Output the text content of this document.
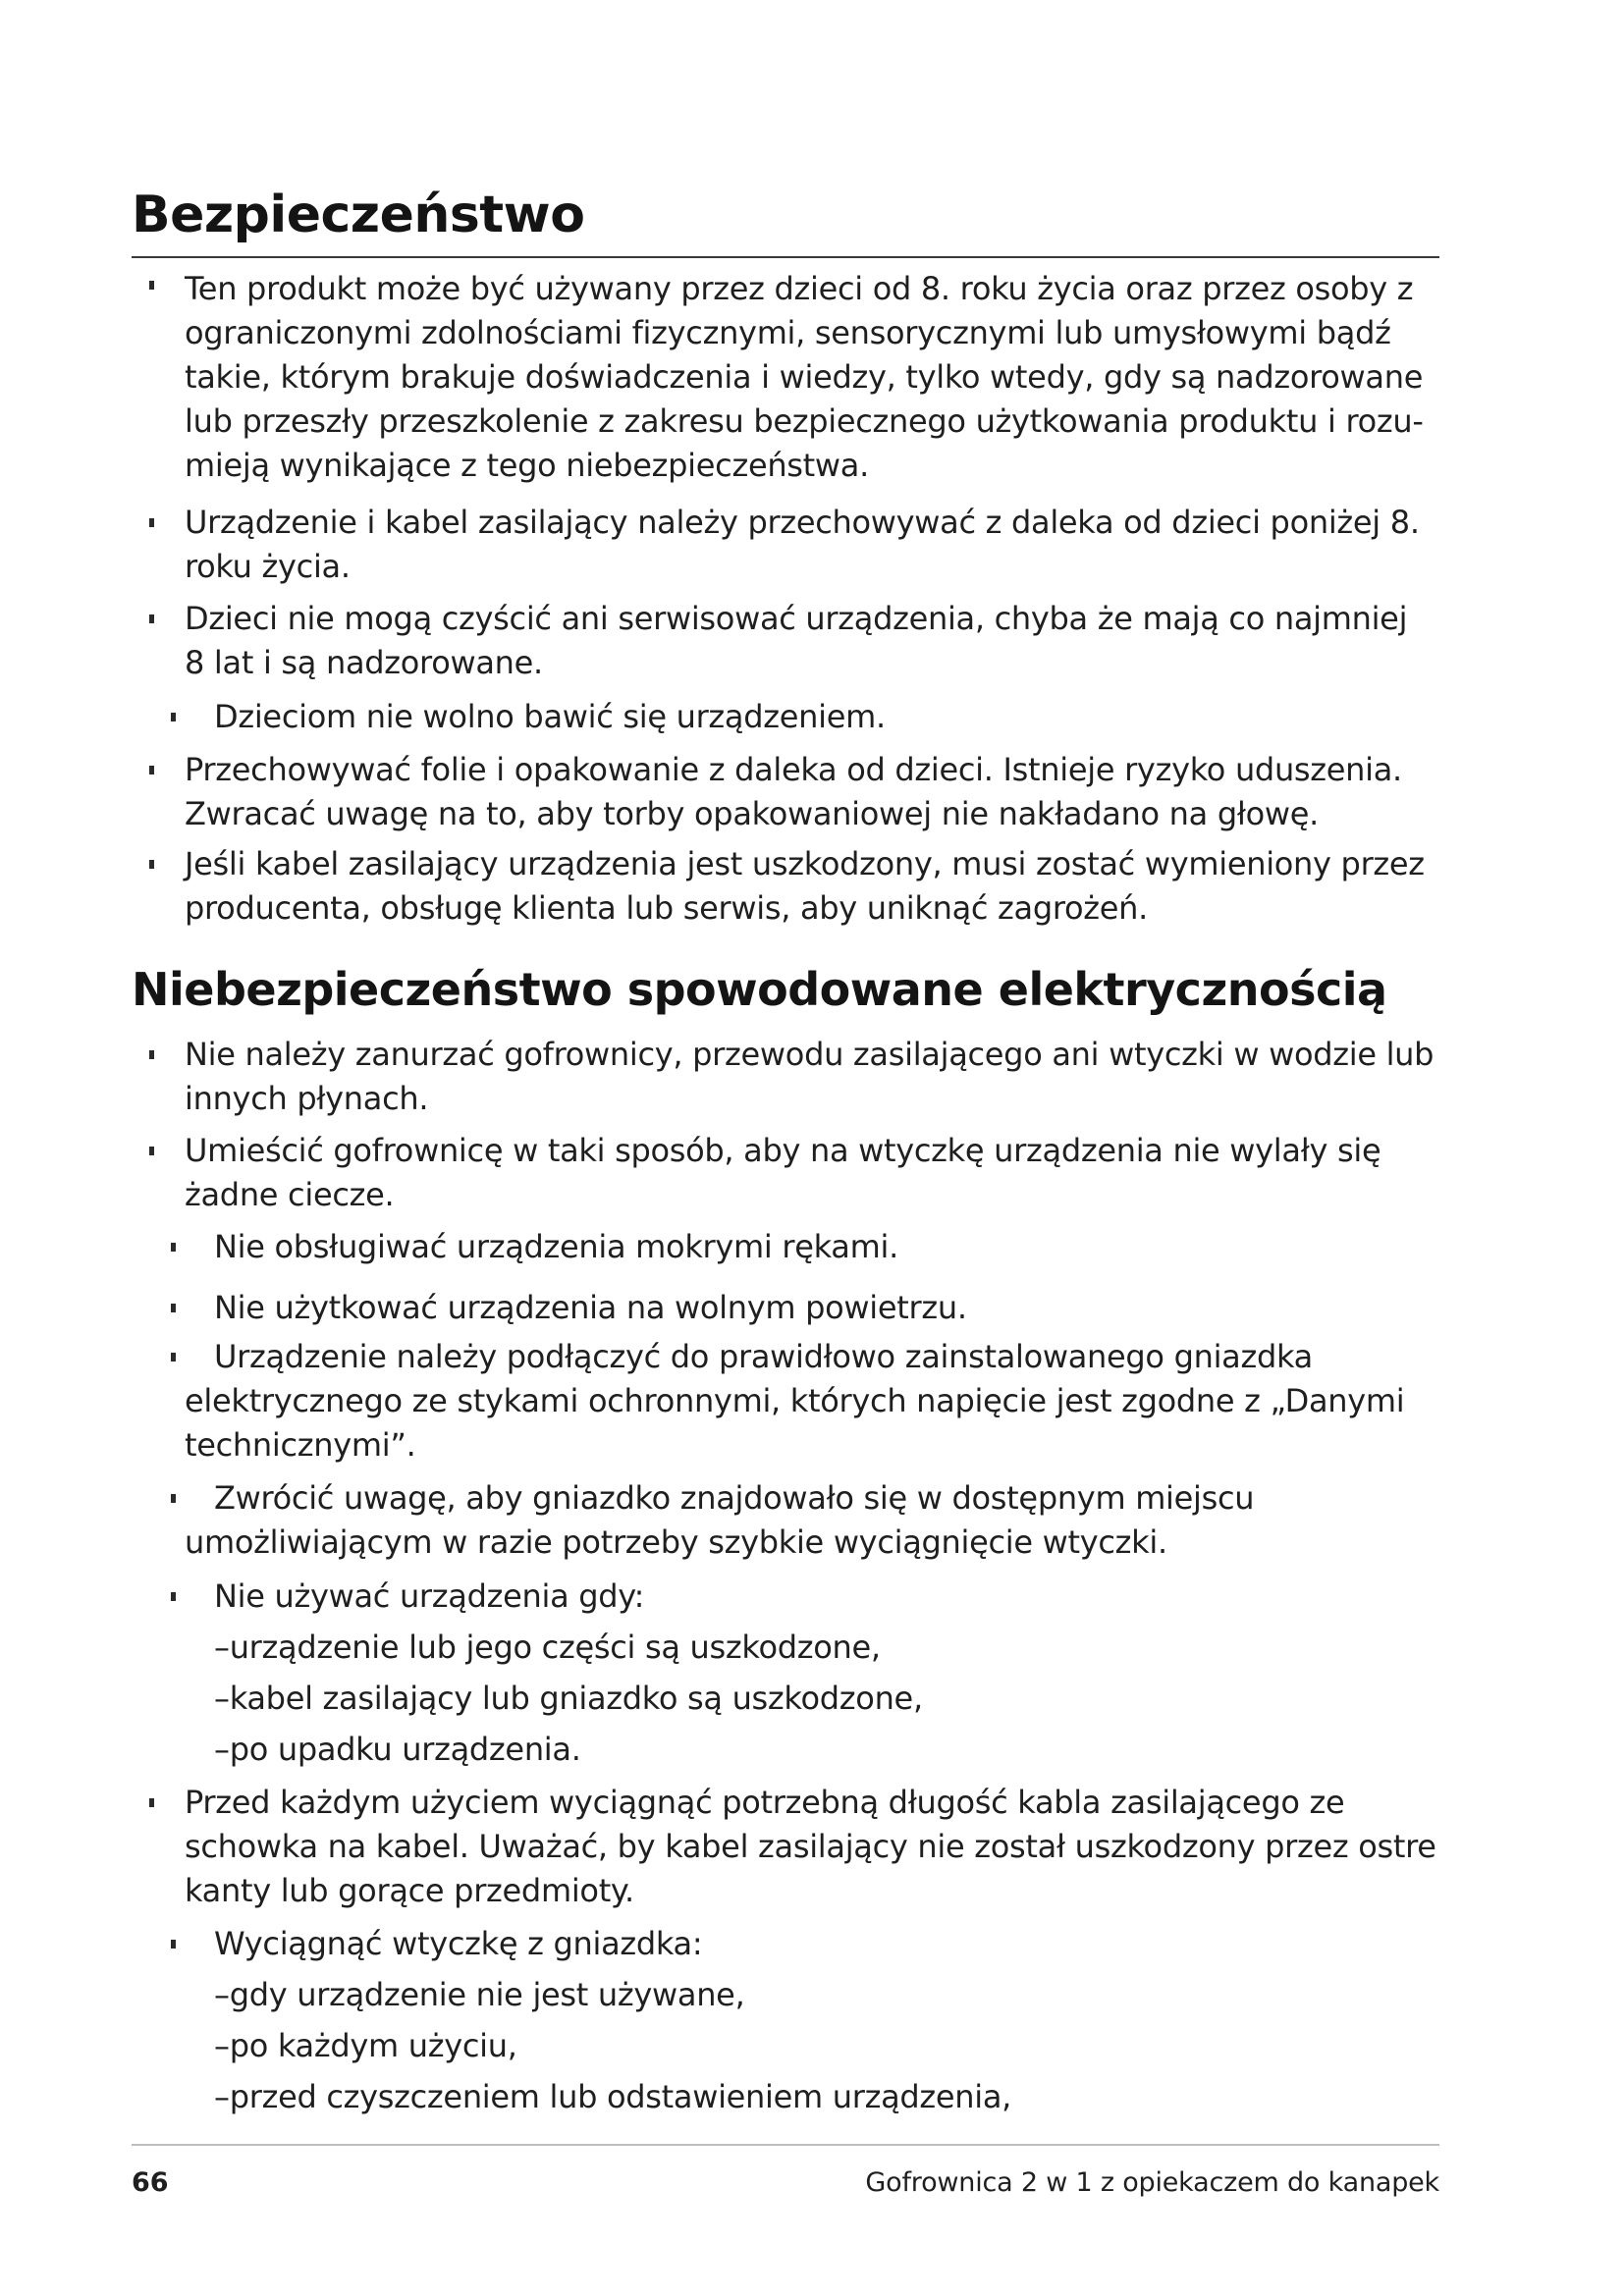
Bezpieczeństwo

Ten produkt może być używany przez dzieci od 8. roku życia oraz przez osoby z

ograniczonymi zdolnościami fizycznymi, sensorycznymi lub umysłowymi bądź

takie, którym brakuje doświadczenia i wiedzy, tylko wtedy, gdy są nadzorowane

lub przeszły przeszkolenie z zakresu bezpiecznego użytkowania produktu i rozu-

mieją wynikające z tego niebezpieczeństwa.

Urządzenie i kabel zasilający należy przechowywać z daleka od dzieci poniżej 8.

roku życia.

Dzieci nie mogą czyścić ani serwisować urządzenia, chyba że mają co najmniej

8 lat i są nadzorowane.

Dzieciom nie wolno bawić się urządzeniem.

Przechowywać folie i opakowanie z daleka od dzieci. Istnieje ryzyko uduszenia.

Zwracać uwagę na to, aby torby opakowaniowej nie nakładano na głowę.

Jeśli kabel zasilający urządzenia jest uszkodzony, musi zostać wymieniony przez

producenta, obsługę klienta lub serwis, aby uniknąć zagrożeń.

Niebezpieczeństwo spowodowane elektrycznością

Nie należy zanurzać gofrownicy, przewodu zasilającego ani wtyczki w wodzie lub

innych płynach.

Umieścić gofrownicę w taki sposób, aby na wtyczkę urządzenia nie wylały się

żadne ciecze.

Nie obsługiwać urządzenia mokrymi rękami.

Nie użytkować urządzenia na wolnym powietrzu.

Urządzenie należy podłączyć do prawidłowo zainstalowanego gniazdka

elektrycznego ze stykami ochronnymi, których napięcie jest zgodne z „Danymi

technicznymi”.

Zwrócić uwagę, aby gniazdko znajdowało się w dostępnym miejscu

umożliwiającym w razie potrzeby szybkie wyciągnięcie wtyczki.

Nie używać urządzenia gdy:

–urządzenie lub jego części są uszkodzone,

–kabel zasilający lub gniazdko są uszkodzone,

–po upadku urządzenia.

Przed każdym użyciem wyciągnąć potrzebną długość kabla zasilającego ze

schowka na kabel. Uważać, by kabel zasilający nie został uszkodzony przez ostre

kanty lub gorące przedmioty.

Wyciągnąć wtyczkę z gniazdka:

–gdy urządzenie nie jest używane,

–po każdym użyciu,

–przed czyszczeniem lub odstawieniem urządzenia,

66	Gofrownica 2 w 1 z opiekaczem do kanapek
